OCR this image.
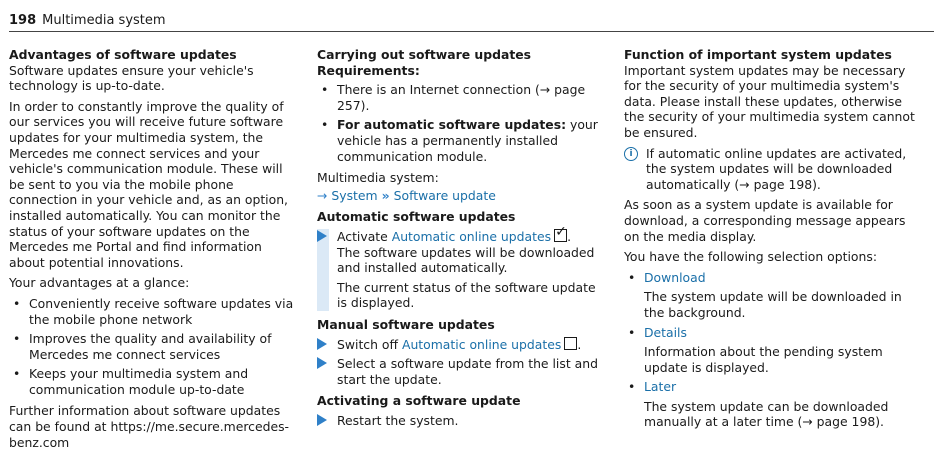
198 Multimedia system
Advantages of software updates

Software updates ensure your vehicle's technology is up-to-date.

In order to constantly improve the quality of our services you will receive future software updates for your multimedia system, the Mercedes me connect services and your vehicle's communication module. These will be sent to you via the mobile phone connection in your vehicle and, as an option, installed automatically. You can monitor the status of your software updates on the Mercedes me Portal and find information about potential innovations.

Your advantages at a glance:

• Conveniently receive software updates via the mobile phone network
• Improves the quality and availability of Mercedes me connect services
• Keeps your multimedia system and communication module up-to-date

Further information about software updates can be found at https://me.secure.mercedes-benz.com

Carrying out software updates
Requirements:
• There is an Internet connection (→ page 257).
• For automatic software updates: your vehicle has a permanently installed communication module.

Multimedia system:

→ System » Software update
Automatic software updates

Activate Automatic online updates✓ .
The software updates will be downloaded and installed automatically.

The current status of the software update is displayed.

Manual software updates
Switch off Automatic online updates .
Select a software update from the list and start the update.
Activating a software update
Restart the system.
Function of important system updates

Important system updates may be necessary for the security of your multimedia system's data. Please install these updates, otherwise the security of your multimedia system cannot be ensured.

i	If automatic online updates are activated, the system updates will be downloaded automatically (→ page 198).

As soon as a system update is available for download, a corresponding message appears on the media display.

You have the following selection options:

• Download

The system update will be downloaded in the background.

• Details

Information about the pending system update is displayed.

• Later

The system update can be downloaded manually at a later time (→ page 198).
